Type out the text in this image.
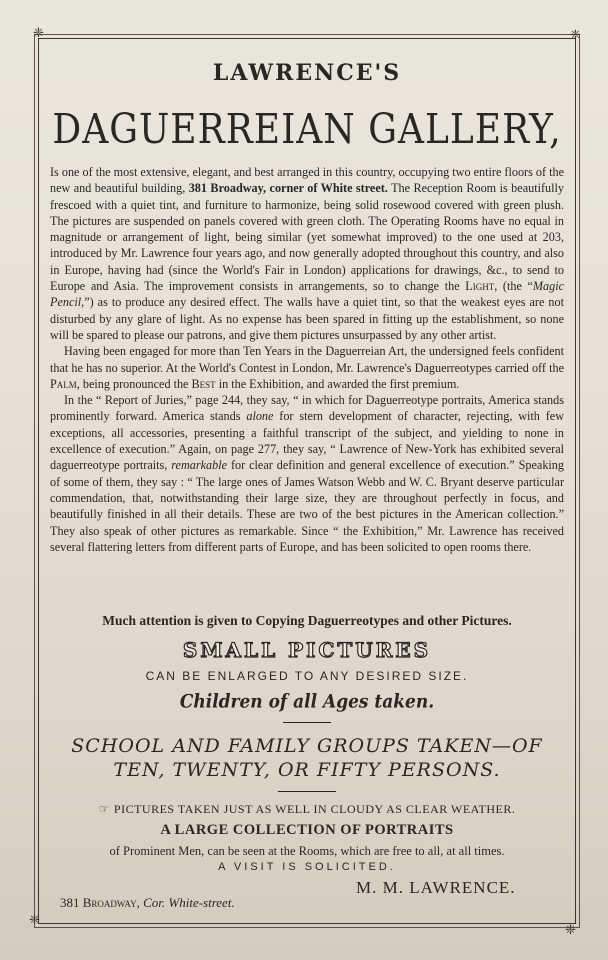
❈	❈
❈
❈
LAWRENCE'S
DAGUERREIAN GALLERY,

Is one of the most extensive, elegant, and best arranged in this country, occupying two entire floors of the new and beautiful building, 381 Broadway, corner of White street. The Reception Room is beautifully frescoed with a quiet tint, and furniture to harmonize, being solid rosewood covered with green plush. The pictures are suspended on panels covered with green cloth. The Operating Rooms have no equal in magnitude or arrangement of light, being similar (yet somewhat improved) to the one used at 203, introduced by Mr. Lawrence four years ago, and now generally adopted throughout this country, and also in Europe, having had (since the World's Fair in London) applications for drawings, &c., to send to Europe and Asia. The improvement consists in arrangements, so to change the Light, (the “Magic Pencil,”) as to produce any desired effect. The walls have a quiet tint, so that the weakest eyes are not disturbed by any glare of light. As no expense has been spared in fitting up the establishment, so none will be spared to please our patrons, and give them pictures unsurpassed by any other artist.

Having been engaged for more than Ten Years in the Daguerreian Art, the undersigned feels confident that he has no superior. At the World's Contest in London, Mr. Lawrence's Daguerreotypes carried off the Palm, being pronounced the Best in the Exhibition, and awarded the first premium.

In the “ Report of Juries,” page 244, they say, “ in which for Daguerreotype portraits, America stands prominently forward. America stands alone for stern development of character, rejecting, with few exceptions, all accessories, presenting a faithful transcript of the subject, and yielding to none in excellence of execution.” Again, on page 277, they say, “ Lawrence of New-York has exhibited several daguerreotype portraits, remarkable for clear definition and general excellence of execution.” Speaking of some of them, they say : “ The large ones of James Watson Webb and W. C. Bryant deserve particular commendation, that, notwithstanding their large size, they are throughout perfectly in focus, and beautifully finished in all their details. These are two of the best pictures in the American collection.” They also speak of other pictures as remarkable. Since “ the Exhibition,” Mr. Lawrence has received several flattering letters from different parts of Europe, and has been solicited to open rooms there.

Much attention is given to Copying Daguerreotypes and other Pictures.
SMALL PICTURES
CAN BE ENLARGED TO ANY DESIRED SIZE.
Children of all Ages taken.
SCHOOL AND FAMILY GROUPS TAKEN—OF
TEN, TWENTY, OR FIFTY PERSONS.
☞ PICTURES TAKEN JUST AS WELL IN CLOUDY AS CLEAR WEATHER.
A LARGE COLLECTION OF PORTRAITS
of Prominent Men, can be seen at the Rooms, which are free to all, at all times.
A VISIT IS SOLICITED.
M. M. LAWRENCE.
381 Broadway, Cor. White-street.
